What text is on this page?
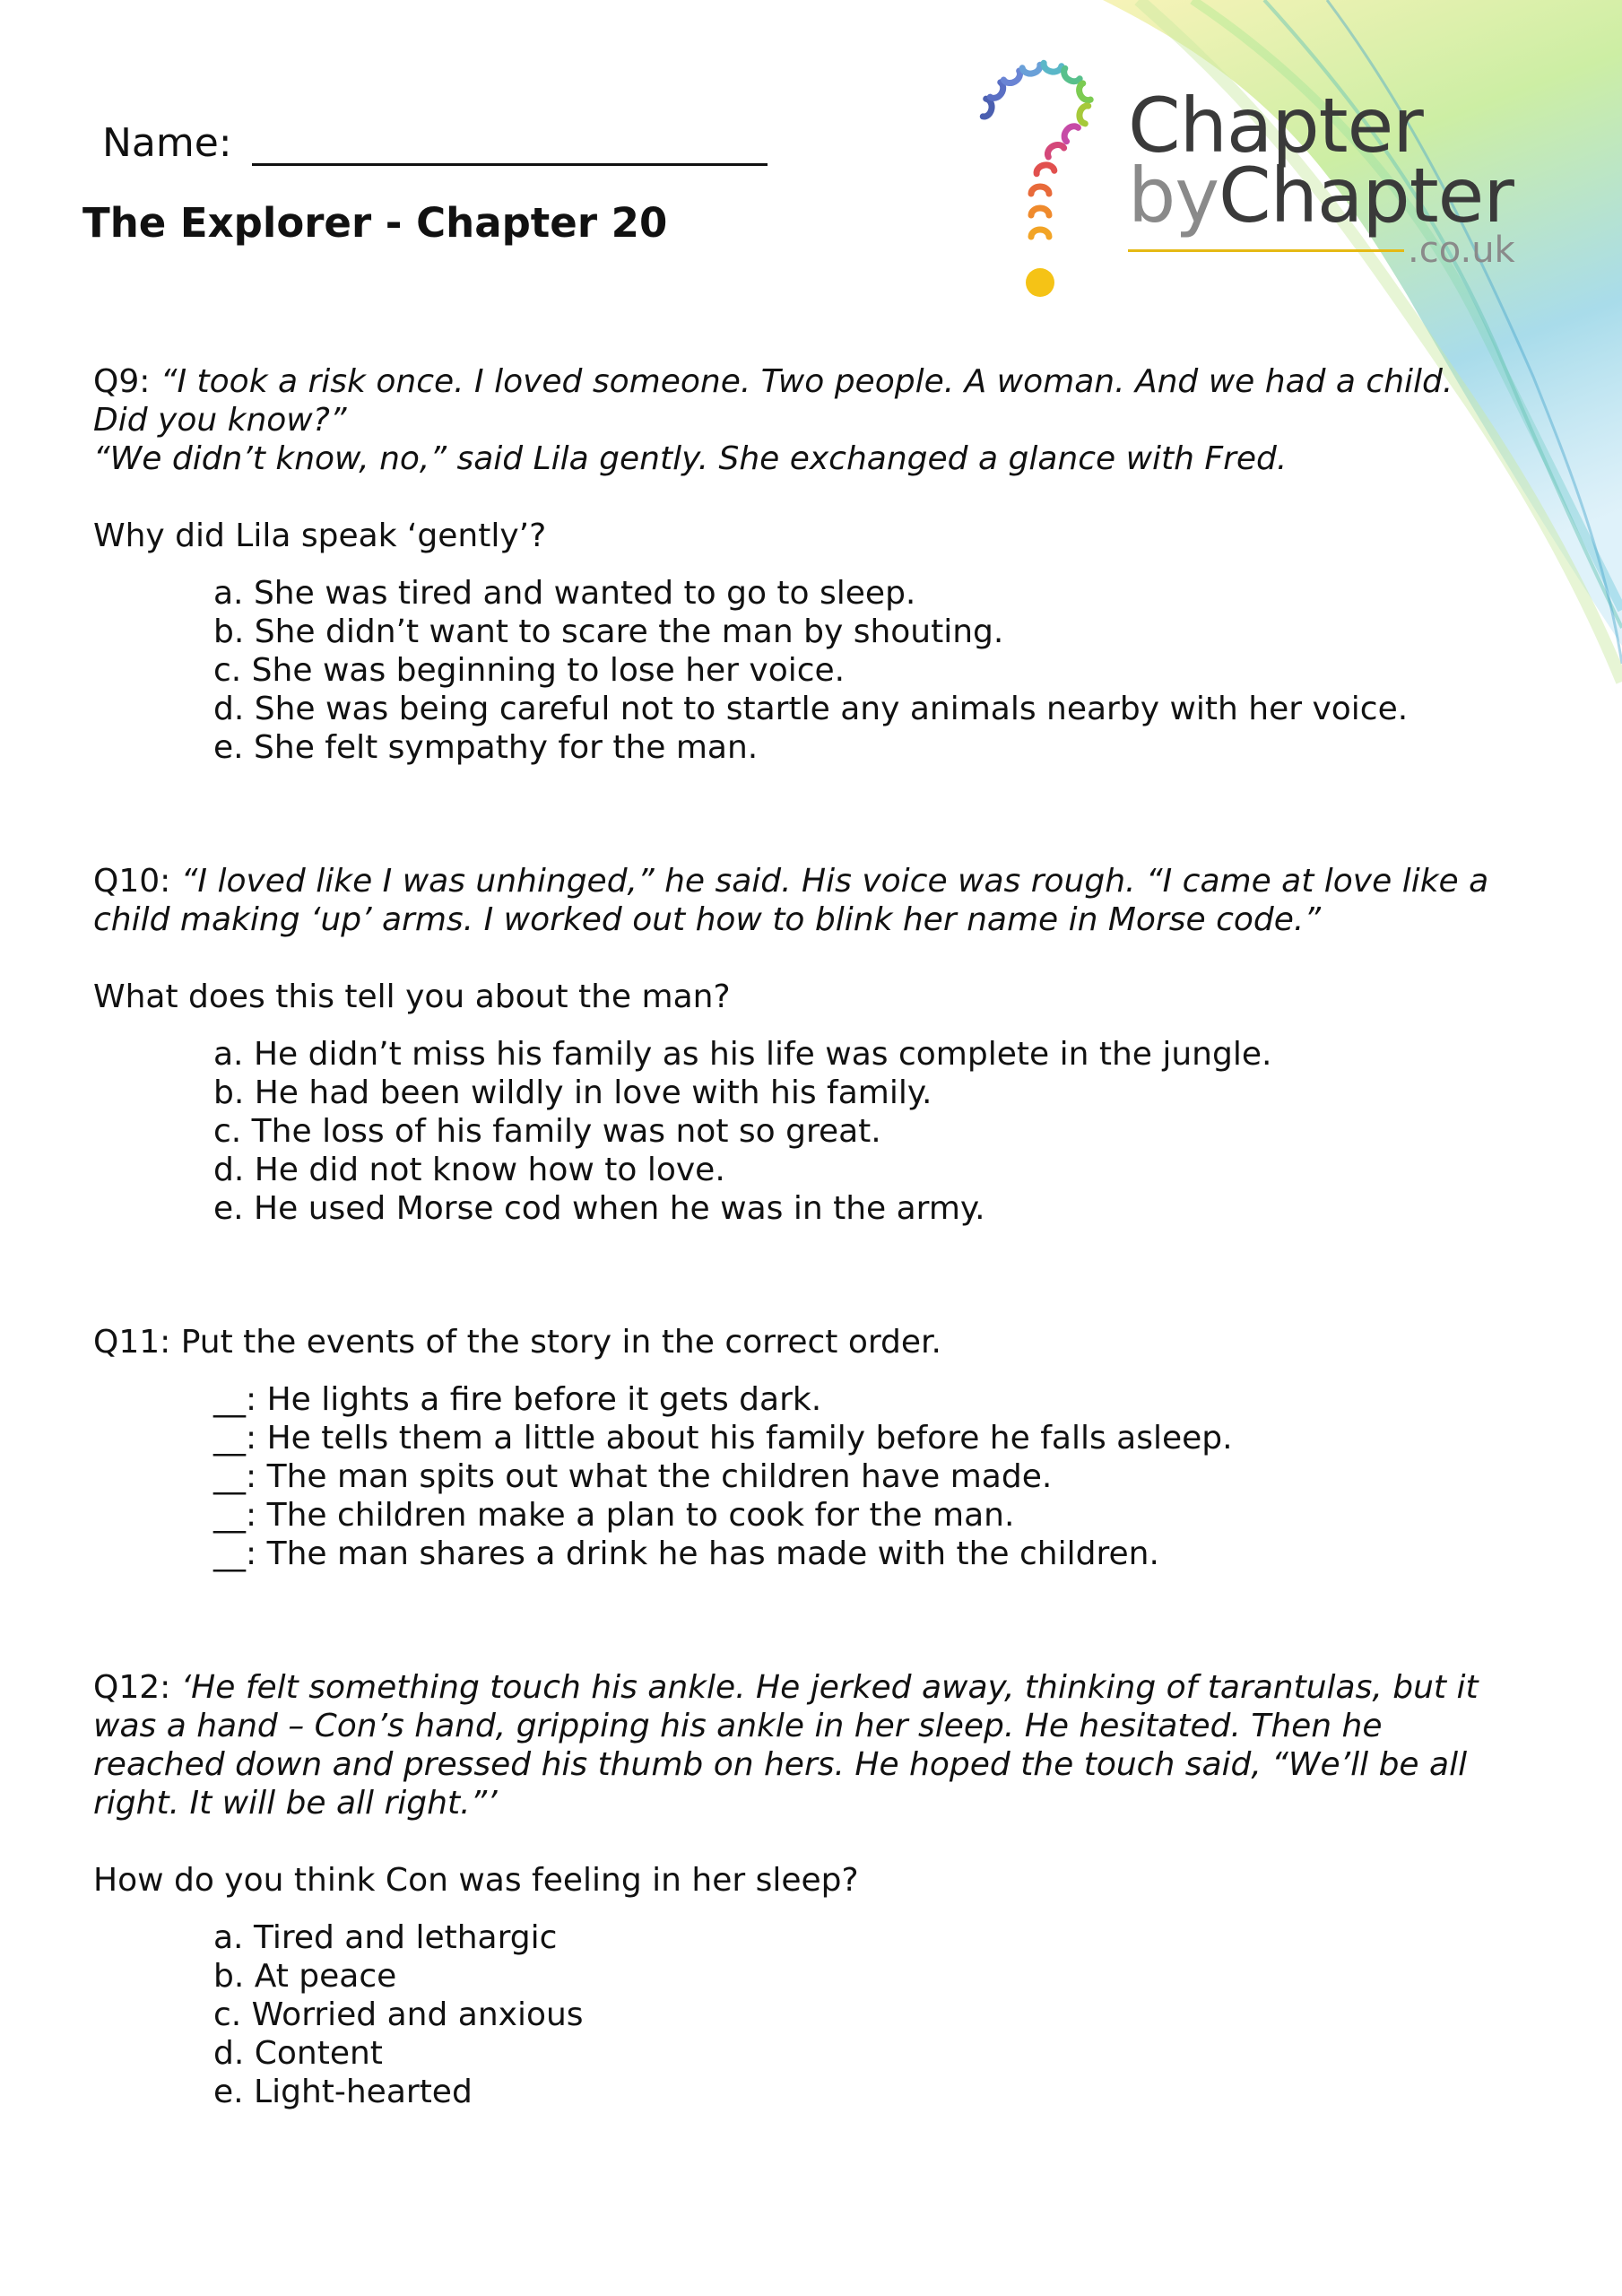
Chapter
byChapter
.co.uk
Name:
The Explorer - Chapter 20
Q9: “I took a risk once. I loved someone. Two people. A woman. And we had a child.
Did you know?”
“We didn’t know, no,” said Lila gently. She exchanged a glance with Fred.
Why did Lila speak ‘gently’?
a. She was tired and wanted to go to sleep.
b. She didn’t want to scare the man by shouting.
c. She was beginning to lose her voice.
d. She was being careful not to startle any animals nearby with her voice.
e. She felt sympathy for the man.
Q10: “I loved like I was unhinged,” he said. His voice was rough. “I came at love like a
child making ‘up’ arms. I worked out how to blink her name in Morse code.”
What does this tell you about the man?
a. He didn’t miss his family as his life was complete in the jungle.
b. He had been wildly in love with his family.
c. The loss of his family was not so great.
d. He did not know how to love.
e. He used Morse cod when he was in the army.
Q11: Put the events of the story in the correct order.
__: He lights a fire before it gets dark.
__: He tells them a little about his family before he falls asleep.
__: The man spits out what the children have made.
__: The children make a plan to cook for the man.
__: The man shares a drink he has made with the children.
Q12: ‘He felt something touch his ankle. He jerked away, thinking of tarantulas, but it
was a hand – Con’s hand, gripping his ankle in her sleep. He hesitated. Then he
reached down and pressed his thumb on hers. He hoped the touch said, “We’ll be all
right. It will be all right.”’
How do you think Con was feeling in her sleep?
a. Tired and lethargic
b. At peace
c. Worried and anxious
d. Content
e. Light-hearted
